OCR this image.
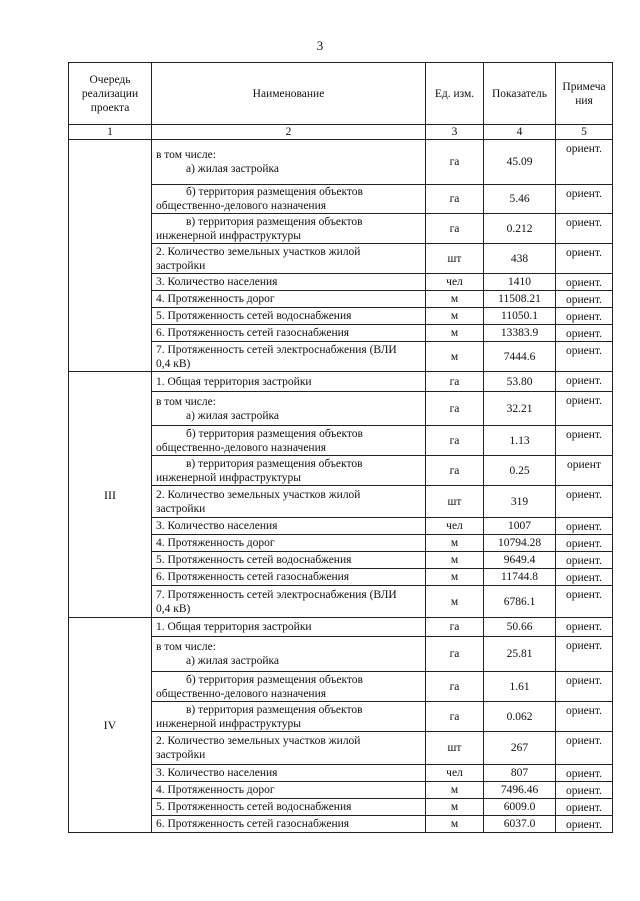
3
Очередь
реализации
проекта	Наименование	Ед. изм.	Показатель	Примеча
ния

1	2	3	4	5

	в том числе:
а) жилая застройка	га	45.09	ориент.

	б) территория размещения объектов
общественно-делового назначения	га	5.46	ориент.

	в) территория размещения объектов
инженерной инфраструктуры	га	0.212	ориент.

	2. Количество земельных участков жилой
застройки	шт	438	ориент.

	3. Количество населения	чел	1410	ориент.

	4. Протяженность дорог	м	11508.21	ориент.

	5. Протяженность сетей водоснабжения	м	11050.1	ориент.

	6. Протяженность сетей газоснабжения	м	13383.9	ориент.

	7. Протяженность сетей электроснабжения (ВЛИ
0,4 кВ)	м	7444.6	ориент.
III	1. Общая территория застройки	га	53.80	ориент.

	в том числе:
а) жилая застройка	га	32.21	ориент.

	б) территория размещения объектов
общественно-делового назначения	га	1.13	ориент.

	в) территория размещения объектов
инженерной инфраструктуры	га	0.25	ориент

	2. Количество земельных участков жилой
застройки	шт	319	ориент.

	3. Количество населения	чел	1007	ориент.

	4. Протяженность дорог	м	10794.28	ориент.

	5. Протяженность сетей водоснабжения	м	9649.4	ориент.

	6. Протяженность сетей газоснабжения	м	11744.8	ориент.

	7. Протяженность сетей электроснабжения (ВЛИ
0,4 кВ)	м	6786.1	ориент.
IV	1. Общая территория застройки	га	50.66	ориент.

	в том числе:
а) жилая застройка	га	25.81	ориент.

	б) территория размещения объектов
общественно-делового назначения	га	1.61	ориент.

	в) территория размещения объектов
инженерной инфраструктуры	га	0.062	ориент.

	2. Количество земельных участков жилой
застройки	шт	267	ориент.

	3. Количество населения	чел	807	ориент.

	4. Протяженность дорог	м	7496.46	ориент.

	5. Протяженность сетей водоснабжения	м	6009.0	ориент.

	6. Протяженность сетей газоснабжения	м	6037.0	ориент.
